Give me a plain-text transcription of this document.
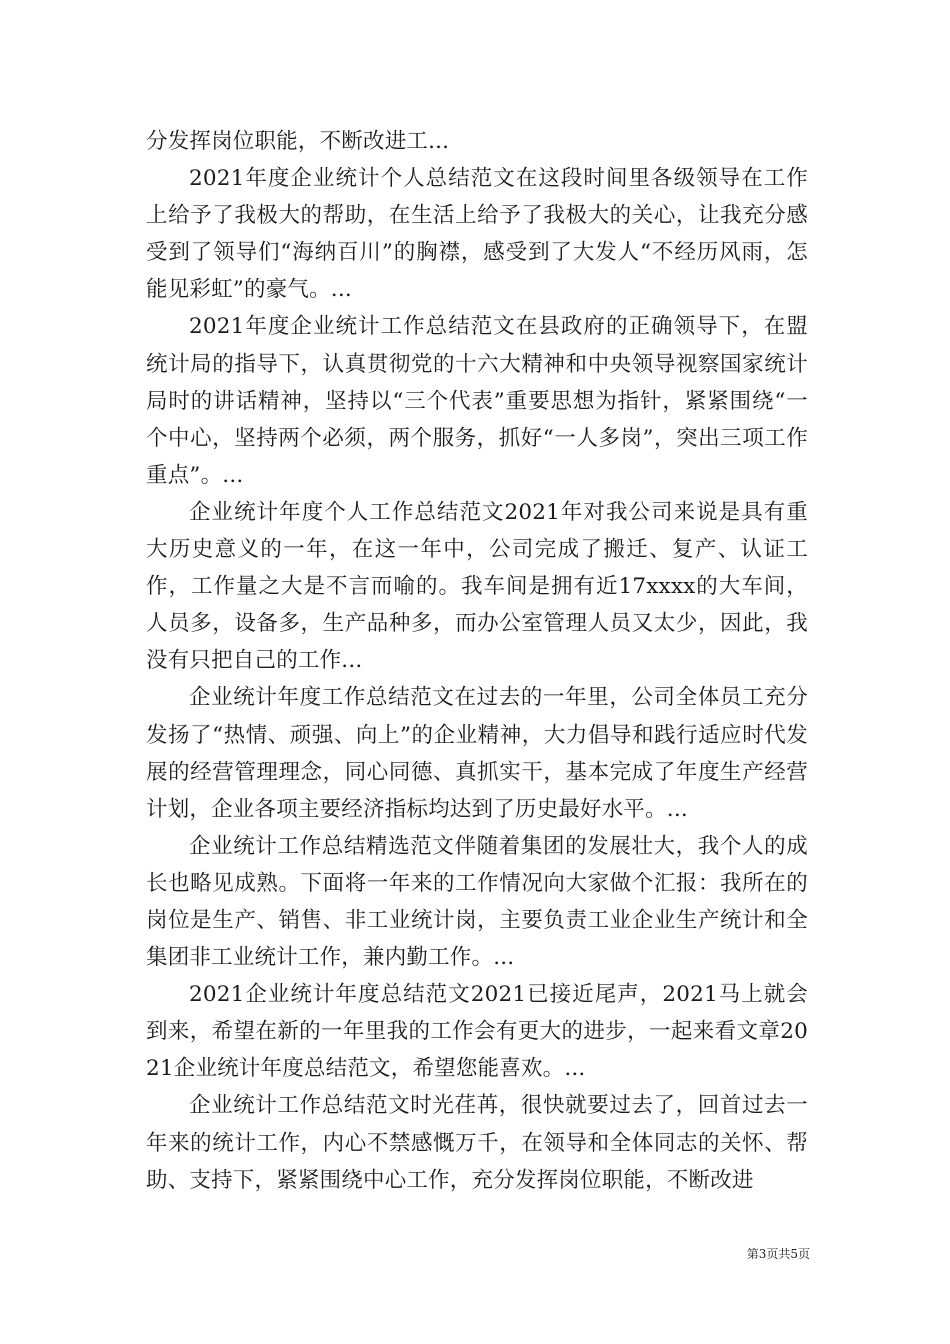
分发挥岗位职能，不断改进工...

2021年度企业统计个人总结范文在这段时间里各级领导在工作上给予了我极大的帮助，在生活上给予了我极大的关心，让我充分感受到了领导们“海纳百川”的胸襟，感受到了大发人“不经历风雨，怎能见彩虹”的豪气。...

2021年度企业统计工作总结范文在县政府的正确领导下，在盟统计局的指导下，认真贯彻党的十六大精神和中央领导视察国家统计局时的讲话精神，坚持以“三个代表”重要思想为指针，紧紧围绕“一个中心，坚持两个必须，两个服务，抓好“一人多岗”，突出三项工作重点”。...

企业统计年度个人工作总结范文2021年对我公司来说是具有重大历史意义的一年，在这一年中，公司完成了搬迁、复产、认证工作，工作量之大是不言而喻的。我车间是拥有近17xxxx的大车间，人员多，设备多，生产品种多，而办公室管理人员又太少，因此，我没有只把自己的工作...

企业统计年度工作总结范文在过去的一年里，公司全体员工充分发扬了“热情、顽强、向上”的企业精神，大力倡导和践行适应时代发展的经营管理理念，同心同德、真抓实干，基本完成了年度生产经营计划，企业各项主要经济指标均达到了历史最好水平。...

企业统计工作总结精选范文伴随着集团的发展壮大，我个人的成长也略见成熟。下面将一年来的工作情况向大家做个汇报：我所在的岗位是生产、销售、非工业统计岗，主要负责工业企业生产统计和全集团非工业统计工作，兼内勤工作。...

2021企业统计年度总结范文2021已接近尾声，2021马上就会到来，希望在新的一年里我的工作会有更大的进步，一起来看文章2021企业统计年度总结范文，希望您能喜欢。...

企业统计工作总结范文时光荏苒，很快就要过去了，回首过去一年来的统计工作，内心不禁感慨万千，在领导和全体同志的关怀、帮助、支持下，紧紧围绕中心工作，充分发挥岗位职能，不断改进

第3页共5页
